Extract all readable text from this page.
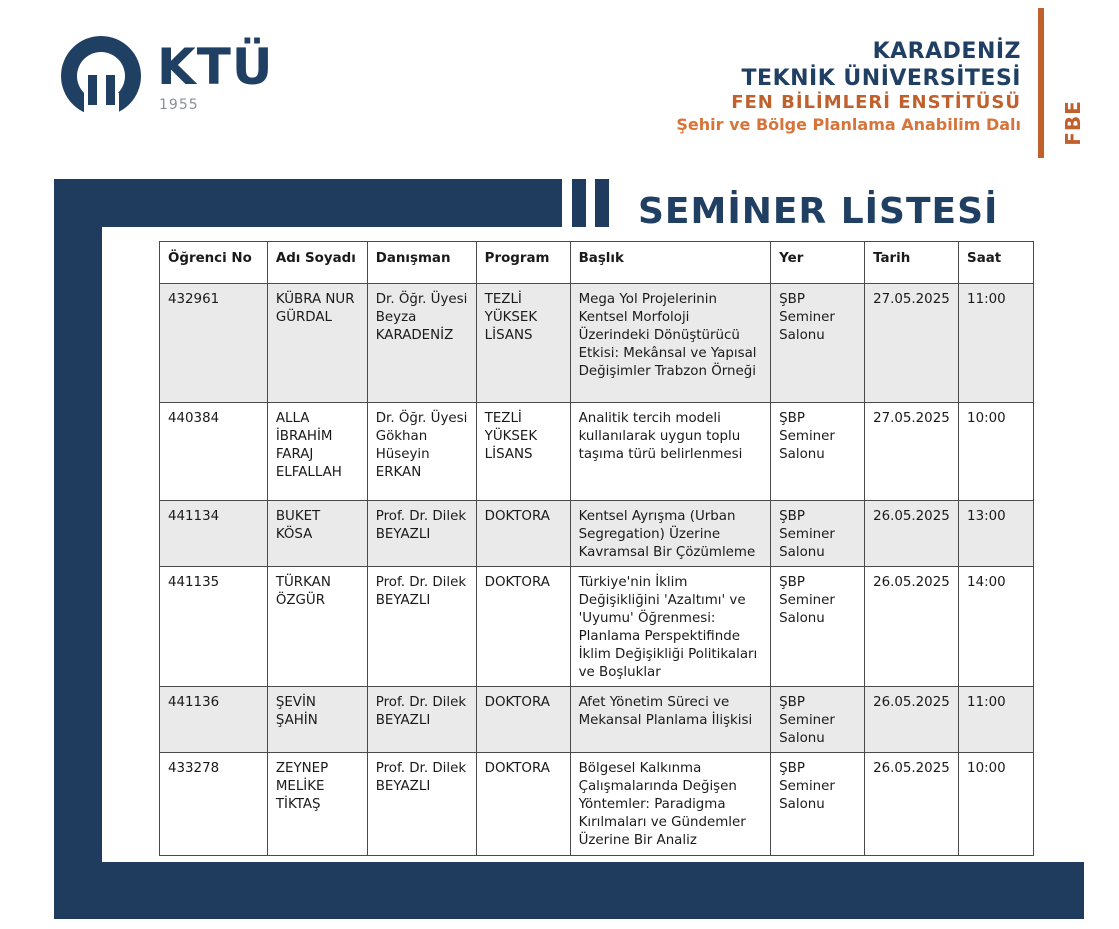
KTÜ
1955
KARADENİZ
TEKNİK ÜNİVERSİTESİ
FEN BİLİMLERİ ENSTİTÜSÜ
Şehir ve Bölge Planlama Anabilim Dalı FBE
SEMİNER LİSTESİ
Öğrenci No	Adı Soyadı	Danışman	Program	Başlık	Yer	Tarih	Saat
432961	KÜBRA NUR GÜRDAL	Dr. Öğr. Üyesi Beyza KARADENİZ	TEZLİ YÜKSEK LİSANS	Mega Yol Projelerinin Kentsel Morfoloji Üzerindeki Dönüştürücü Etkisi: Mekânsal ve Yapısal Değişimler Trabzon Örneği	ŞBP Seminer Salonu	27.05.2025	11:00
440384	ALLA İBRAHİM FARAJ ELFALLAH	Dr. Öğr. Üyesi Gökhan Hüseyin ERKAN	TEZLİ YÜKSEK LİSANS	Analitik tercih modeli kullanılarak uygun toplu taşıma türü belirlenmesi	ŞBP Seminer Salonu	27.05.2025	10:00
441134	BUKET KÖSA	Prof. Dr. Dilek BEYAZLI	DOKTORA	Kentsel Ayrışma (Urban Segregation) Üzerine Kavramsal Bir Çözümleme	ŞBP Seminer Salonu	26.05.2025	13:00
441135	TÜRKAN ÖZGÜR	Prof. Dr. Dilek BEYAZLI	DOKTORA	Türkiye'nin İklim Değişikliğini 'Azaltımı' ve 'Uyumu' Öğrenmesi: Planlama Perspektifinde İklim Değişikliği Politikaları ve Boşluklar	ŞBP Seminer Salonu	26.05.2025	14:00
441136	ŞEVİN ŞAHİN	Prof. Dr. Dilek BEYAZLI	DOKTORA	Afet Yönetim Süreci ve Mekansal Planlama İlişkisi	ŞBP Seminer Salonu	26.05.2025	11:00
433278	ZEYNEP MELİKE TİKTAŞ	Prof. Dr. Dilek BEYAZLI	DOKTORA	Bölgesel Kalkınma Çalışmalarında Değişen Yöntemler: Paradigma Kırılmaları ve Gündemler Üzerine Bir Analiz	ŞBP Seminer Salonu	26.05.2025	10:00
